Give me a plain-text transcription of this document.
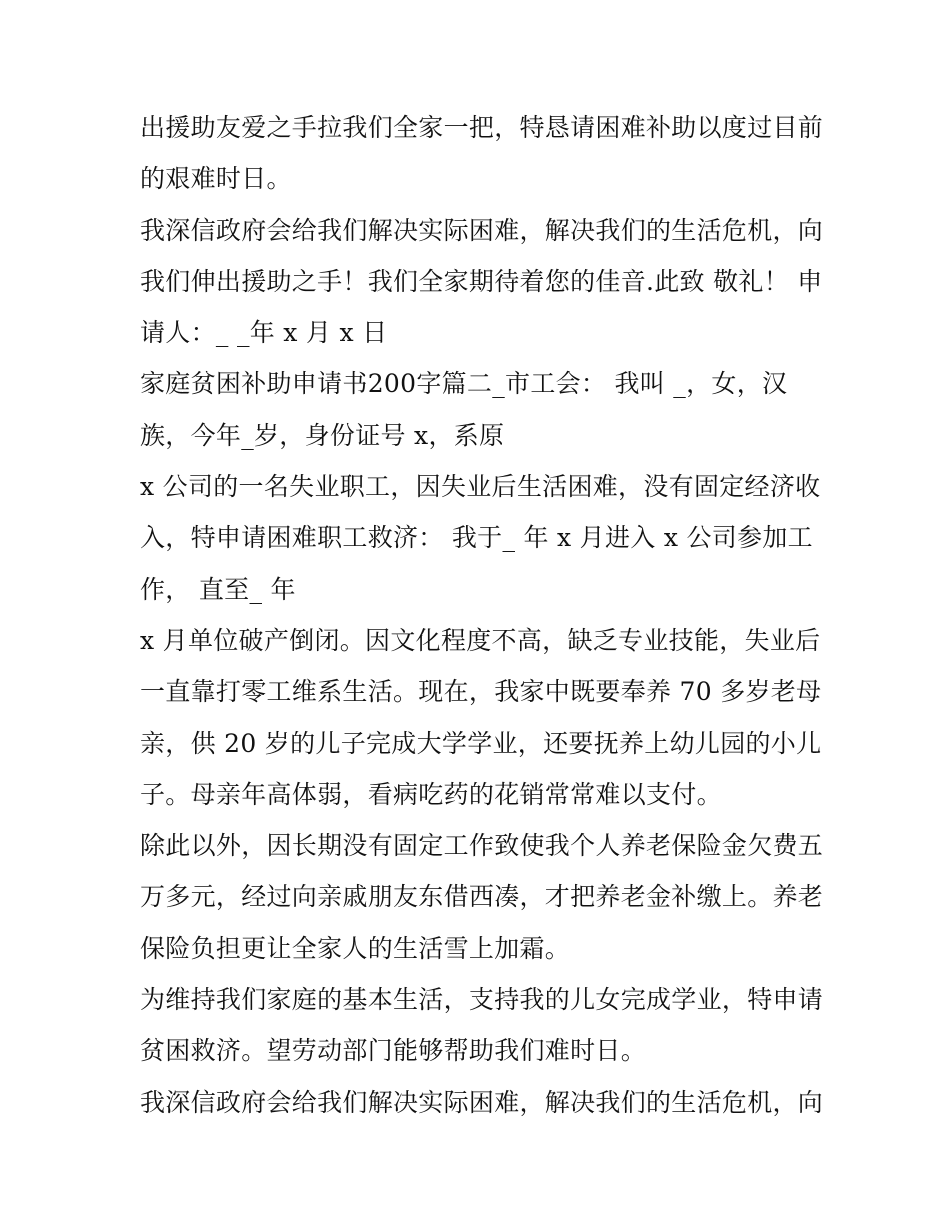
出援助友爱之手拉我们全家一把，特恳请困难补助以度过目前
的艰难时日。
我深信政府会给我们解决实际困难，解决我们的生活危机，向
我们伸出援助之手！我们全家期待着您的佳音.此致 敬礼！ 申
请人：_ _年 x 月 x 日
家庭贫困补助申请书200字篇二_市工会： 我叫 _，女，汉
族，今年_岁，身份证号 x，系原
x 公司的一名失业职工，因失业后生活困难，没有固定经济收
入，特申请困难职工救济： 我于_ 年 x 月进入 x 公司参加工
作， 直至_ 年
x 月单位破产倒闭。因文化程度不高，缺乏专业技能，失业后
一直靠打零工维系生活。现在，我家中既要奉养 70 多岁老母
亲，供 20 岁的儿子完成大学学业，还要抚养上幼儿园的小儿
子。母亲年高体弱，看病吃药的花销常常难以支付。
除此以外，因长期没有固定工作致使我个人养老保险金欠费五
万多元，经过向亲戚朋友东借西凑，才把养老金补缴上。养老
保险负担更让全家人的生活雪上加霜。
为维持我们家庭的基本生活，支持我的儿女完成学业，特申请
贫困救济。望劳动部门能够帮助我们难时日。
我深信政府会给我们解决实际困难，解决我们的生活危机，向
